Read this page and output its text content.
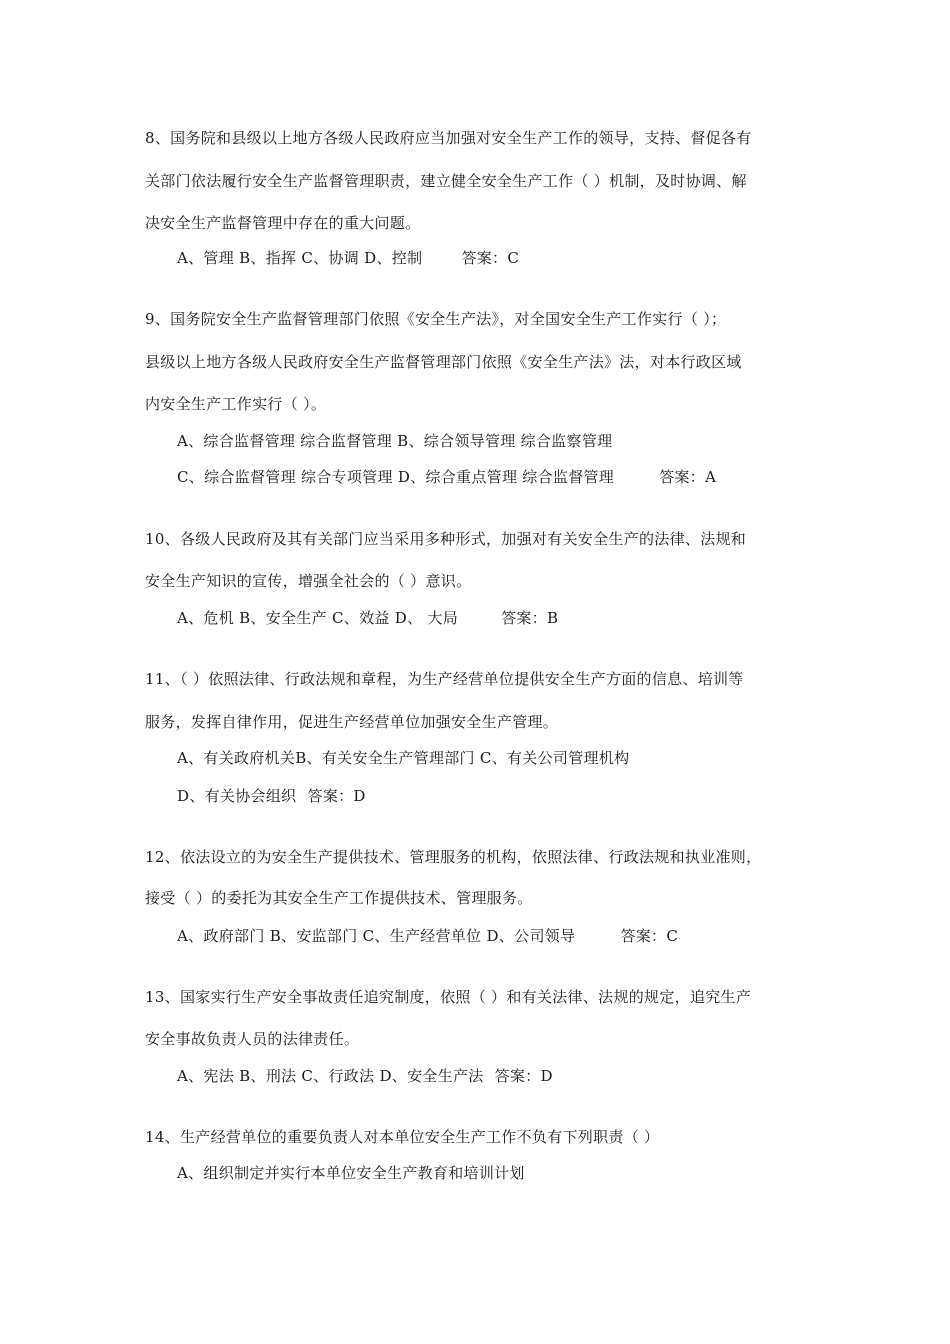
8、国务院和县级以上地方各级人民政府应当加强对安全生产工作的领导，支持、督促各有
关部门依法履行安全生产监督管理职责，建立健全安全生产工作（ ）机制，及时协调、解
决安全生产监督管理中存在的重大问题。
A、管理 B、指挥 C、协调 D、控制	答案：C
9、国务院安全生产监督管理部门依照《安全生产法》，对全国安全生产工作实行（ ）；
县级以上地方各级人民政府安全生产监督管理部门依照《安全生产法》法，对本行政区域
内安全生产工作实行（ ）。
A、综合监督管理 综合监督管理 B、综合领导管理 综合监察管理
C、综合监督管理 综合专项管理 D、综合重点管理 综合监督管理	答案：A
10、各级人民政府及其有关部门应当采用多种形式，加强对有关安全生产的法律、法规和
安全生产知识的宣传，增强全社会的（ ）意识。
A、危机 B、安全生产 C、效益 D、 大局	答案：B
11、（ ）依照法律、行政法规和章程，为生产经营单位提供安全生产方面的信息、培训等
服务，发挥自律作用，促进生产经营单位加强安全生产管理。
A、有关政府机关B、有关安全生产管理部门 C、有关公司管理机构
D、有关协会组织 答案：D
12、依法设立的为安全生产提供技术、管理服务的机构，依照法律、行政法规和执业准则，
接受（ ）的委托为其安全生产工作提供技术、管理服务。
A、政府部门 B、安监部门 C、生产经营单位 D、公司领导	答案：C
13、国家实行生产安全事故责任追究制度，依照（ ）和有关法律、法规的规定，追究生产
安全事故负责人员的法律责任。
A、宪法 B、刑法 C、行政法 D、安全生产法 答案：D
14、生产经营单位的重要负责人对本单位安全生产工作不负有下列职责（ ）
A、组织制定并实行本单位安全生产教育和培训计划
